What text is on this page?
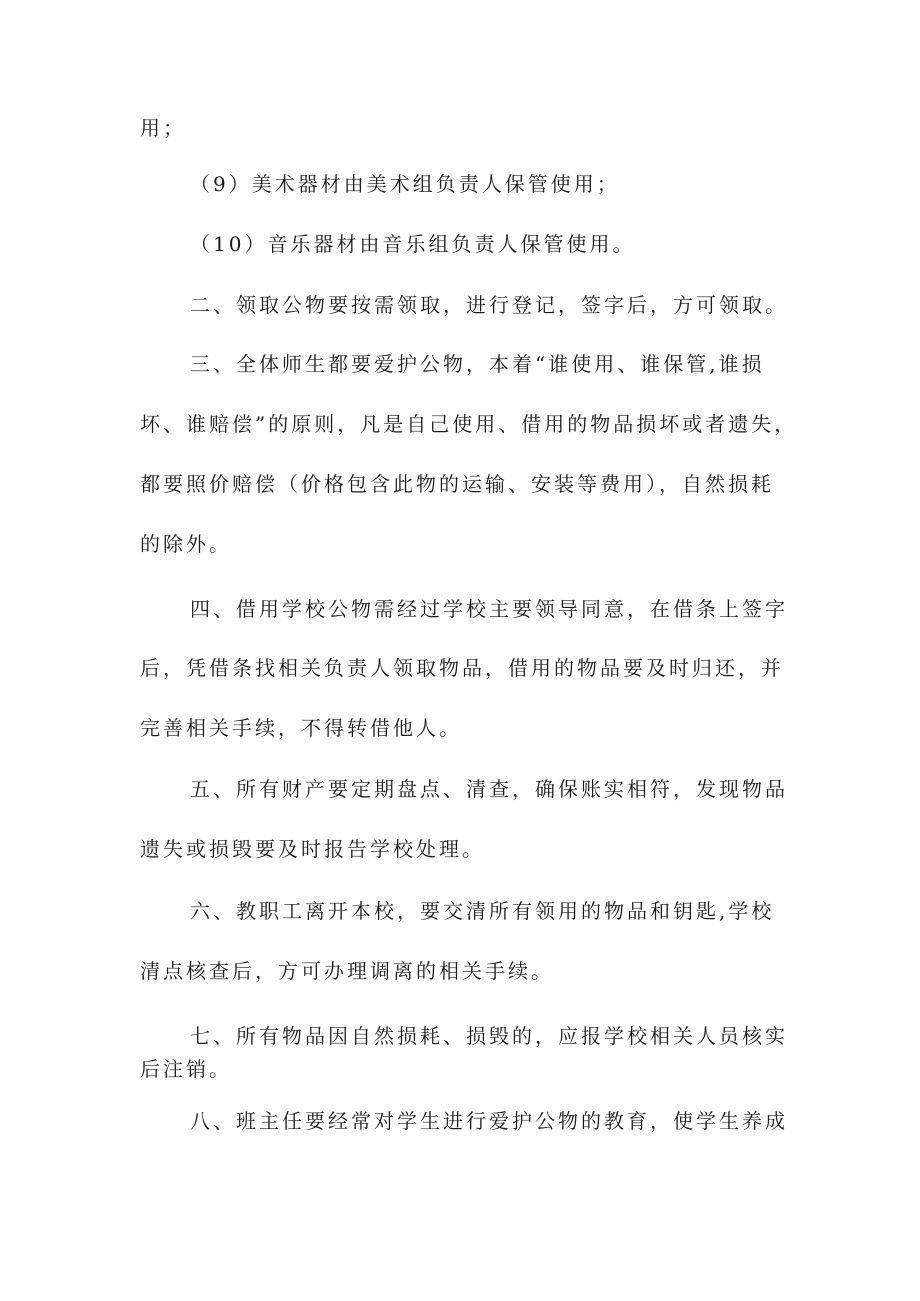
用；
（9）美术器材由美术组负责人保管使用；
（10）音乐器材由音乐组负责人保管使用。
二、领取公物要按需领取，进行登记，签字后，方可领取。
三、全体师生都要爱护公物，本着“谁使用、谁保管,谁损
坏、谁赔偿”的原则，凡是自己使用、借用的物品损坏或者遗失，
都要照价赔偿（价格包含此物的运输、安装等费用），自然损耗
的除外。
四、借用学校公物需经过学校主要领导同意，在借条上签字
后，凭借条找相关负责人领取物品，借用的物品要及时归还，并
完善相关手续，不得转借他人。
五、所有财产要定期盘点、清查，确保账实相符，发现物品
遗失或损毁要及时报告学校处理。
六、教职工离开本校，要交清所有领用的物品和钥匙,学校
清点核查后，方可办理调离的相关手续。
七、所有物品因自然损耗、损毁的，应报学校相关人员核实
后注销。
八、班主任要经常对学生进行爱护公物的教育，使学生养成
